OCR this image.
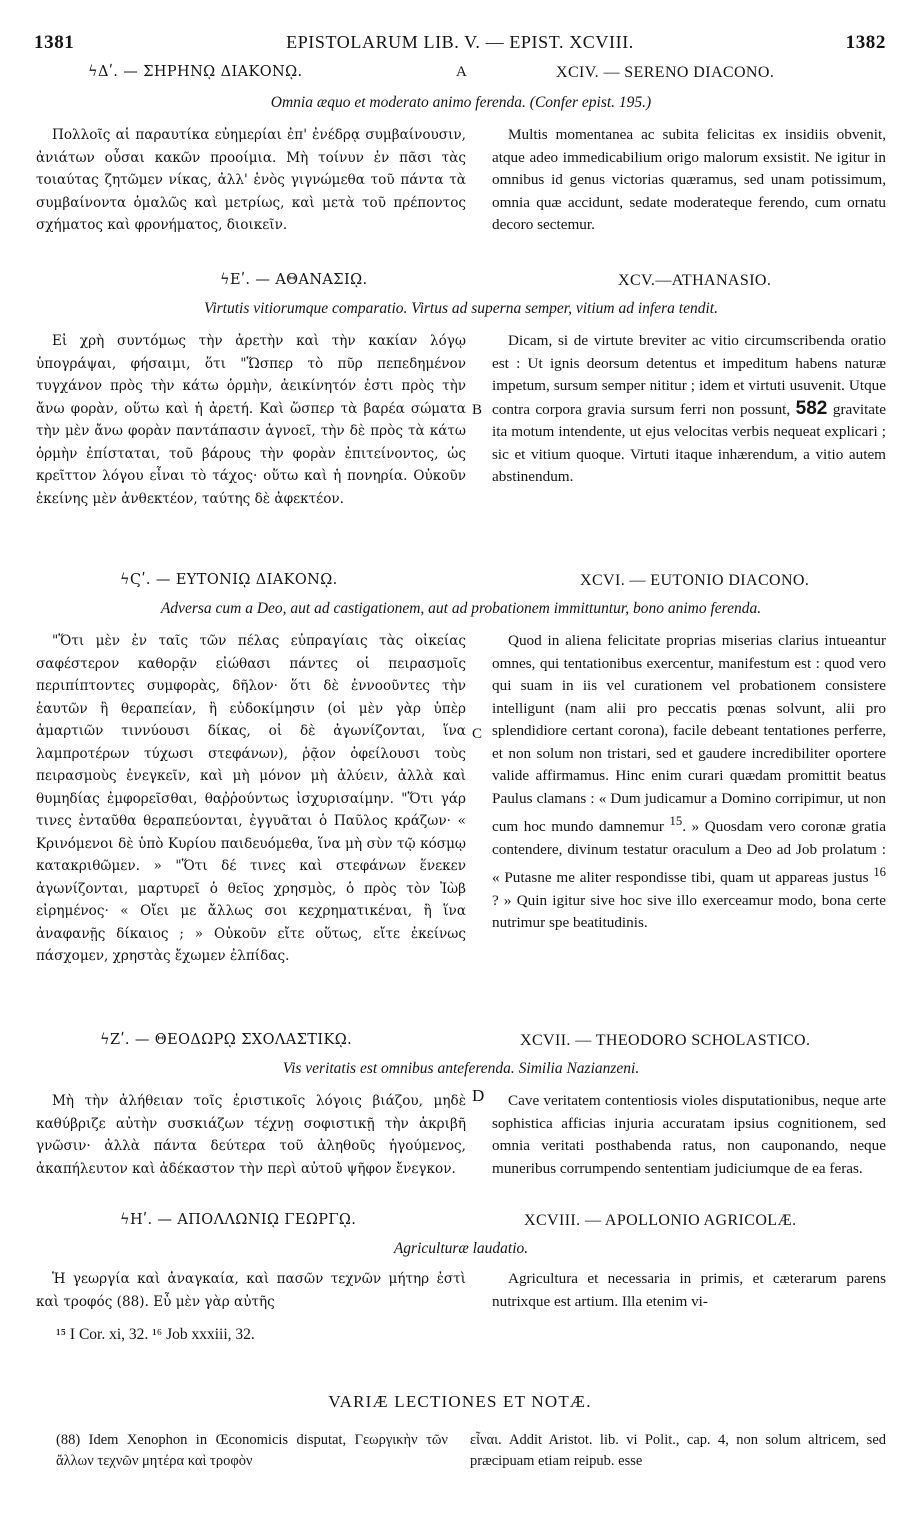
1381	EPISTOLARUM LIB. V. — EPIST. XCVIII.	1382
ϟΔʹ. — ΣΗΡΗΝῼ ΔΙΑΚΟΝῼ.	A	XCIV. — SERENO DIACONO.
Omnia æquo et moderato animo ferenda. (Confer epist. 195.)

Πολλοῖς αἱ παραυτίκα εὐημερίαι ἐπ' ἐνέδρᾳ συμβαίνουσιν, ἀνιάτων οὖσαι κακῶν προοίμια. Μὴ τοίνυν ἐν πᾶσι τὰς τοιαύτας ζητῶμεν νίκας, ἀλλ' ἑνὸς γιγνώμεθα τοῦ πάντα τὰ συμβαίνοντα ὁμαλῶς καὶ μετρίως, καὶ μετὰ τοῦ πρέποντος σχήματος καὶ φρονήματος, διοικεῖν.

Multis momentanea ac subita felicitas ex insidiis obvenit, atque adeo immedicabilium origo malorum exsistit. Ne igitur in omnibus id genus victorias quæramus, sed unam potissimum, omnia quæ accidunt, sedate moderateque ferendo, cum ornatu decoro sectemur.

ϟΕʹ. — ΑΘΑΝΑΣΙῼ.	XCV.—ATHANASIO.
Virtutis vitiorumque comparatio. Virtus ad superna semper, vitium ad infera tendit.

Εἰ χρὴ συντόμως τὴν ἀρετὴν καὶ τὴν κακίαν λόγῳ ὑπογράψαι, φήσαιμι, ὅτι "Ὥσπερ τὸ πῦρ πεπεδημένον τυγχάνον πρὸς τὴν κάτω ὁρμὴν, ἀεικίνητόν ἐστι πρὸς τὴν ἄνω φορὰν, οὕτω καὶ ἡ ἀρετή. Καὶ ὥσπερ τὰ βαρέα σώματα τὴν μὲν ἄνω φορὰν παντάπασιν ἀγνοεῖ, τὴν δὲ πρὸς τὰ κάτω ὁρμὴν ἐπίσταται, τοῦ βάρους τὴν φορὰν ἐπιτείνοντος, ὡς κρεῖττον λόγου εἶναι τὸ τάχος· οὕτω καὶ ἡ πονηρία. Οὐκοῦν ἐκείνης μὲν ἀνθεκτέον, ταύτης δὲ ἀφεκτέον.

B

Dicam, si de virtute breviter ac vitio circumscribenda oratio est : Ut ignis deorsum detentus et impeditum habens naturæ impetum, sursum semper nititur ; idem et virtuti usuvenit. Utque contra corpora gravia sursum ferri non possunt, 582 gravitate ita motum intendente, ut ejus velocitas verbis nequeat explicari ; sic et vitium quoque. Virtuti itaque inhærendum, a vitio autem abstinendum.

ϟϚʹ. — ΕΥΤΟΝΙῼ ΔΙΑΚΟΝῼ.	XCVI. — EUTONIO DIACONO.
Adversa cum a Deo, aut ad castigationem, aut ad probationem immittuntur, bono animo ferenda.

"Ὅτι μὲν ἐν ταῖς τῶν πέλας εὐπραγίαις τὰς οἰκείας σαφέστερον καθορᾷν εἰώθασι πάντες οἱ πειρασμοῖς περιπίπτοντες συμφορὰς, δῆλον· ὅτι δὲ ἐννοοῦντες τὴν ἑαυτῶν ἢ θεραπείαν, ἢ εὐδοκίμησιν (οἱ μὲν γὰρ ὑπὲρ ἁμαρτιῶν τιννύουσι δίκας, οἱ δὲ ἀγωνίζονται, ἵνα λαμπροτέρων τύχωσι στεφάνων), ῥᾷον ὀφείλουσι τοὺς πειρασμοὺς ἐνεγκεῖν, καὶ μὴ μόνον μὴ ἀλύειν, ἀλλὰ καὶ θυμηδίας ἐμφορεῖσθαι, θαῤῥούντως ἰσχυρισαίμην. "Ὅτι γάρ τινες ἐνταῦθα θεραπεύονται, ἐγγυᾶται ὁ Παῦλος κράζων· « Κρινόμενοι δὲ ὑπὸ Κυρίου παιδευόμεθα, ἵνα μὴ σὺν τῷ κόσμῳ κατακριθῶμεν. » "Ὅτι δέ τινες καὶ στεφάνων ἕνεκεν ἀγωνίζονται, μαρτυρεῖ ὁ θεῖος χρησμὸς, ὁ πρὸς τὸν Ἰὼβ εἰρημένος· « Οἴει με ἄλλως σοι κεχρηματικέναι, ἢ ἵνα ἀναφανῇς δίκαιος ; » Οὐκοῦν εἴτε οὕτως, εἴτε ἐκείνως πάσχομεν, χρηστὰς ἔχωμεν ἐλπίδας.

C

Quod in aliena felicitate proprias miserias clarius intueantur omnes, qui tentationibus exercentur, manifestum est : quod vero qui suam in iis vel curationem vel probationem consistere intelligunt (nam alii pro peccatis pœnas solvunt, alii pro splendidiore certant corona), facile debeant tentationes perferre, et non solum non tristari, sed et gaudere incredibiliter oportere valide affirmamus. Hinc enim curari quædam promittit beatus Paulus clamans : « Dum judicamur a Domino corripimur, ut non cum hoc mundo damnemur $^{15}$. » Quosdam vero coronæ gratia contendere, divinum testatur oraculum a Deo ad Job prolatum : « Putasne me aliter respondisse tibi, quam ut appareas justus $^{16}$ ? » Quin igitur sive hoc sive illo exerceamur modo, bona certe nutrimur spe beatitudinis.

ϟΖʹ. — ΘΕΟΔΩΡῼ ΣΧΟΛΑΣΤΙΚῼ.	XCVII. — THEODORO SCHOLASTICO.
Vis veritatis est omnibus anteferenda. Similia Nazianzeni.

Μὴ τὴν ἀλήθειαν τοῖς ἐριστικοῖς λόγοις βιάζου, μηδὲ καθύβριζε αὐτὴν συσκιάζων τέχνῃ σοφιστικῇ τὴν ἀκριβῆ γνῶσιν· ἀλλὰ πάντα δεύτερα τοῦ ἀληθοῦς ἡγούμενος, ἀκαπήλευτον καὶ ἀδέκαστον τὴν περὶ αὐτοῦ ψῆφον ἔνεγκον.

D	Cave veritatem contentiosis violes disputationibus, neque arte sophistica afficias injuria accuratam ipsius cognitionem, sed omnia veritati posthabenda ratus, non cauponando, neque muneribus corrumpendo sententiam judiciumque de ea feras.

ϟΗʹ. — ΑΠΟΛΛΩΝΙῼ ΓΕΩΡΓῼ.	XCVIII. — APOLLONIO AGRICOLÆ.
Agriculturæ laudatio.

Ἡ γεωργία καὶ ἀναγκαία, καὶ πασῶν τεχνῶν μήτηρ ἐστὶ καὶ τροφός (88). Εὖ μὲν γὰρ αὐτῆς

Agricultura et necessaria in primis, et cæterarum parens nutrixque est artium. Illa etenim vi-

¹⁵ I Cor. xi, 32. ¹⁶ Job xxxiii, 32.
VARIÆ LECTIONES ET NOTÆ.
(88) Idem Xenophon in Œconomicis disputat, Γεωργικὴν τῶν ἄλλων τεχνῶν μητέρα καὶ τροφὸν
εἶναι. Addit Aristot. lib. vi Polit., cap. 4, non solum altricem, sed præcipuam etiam reipub. esse
